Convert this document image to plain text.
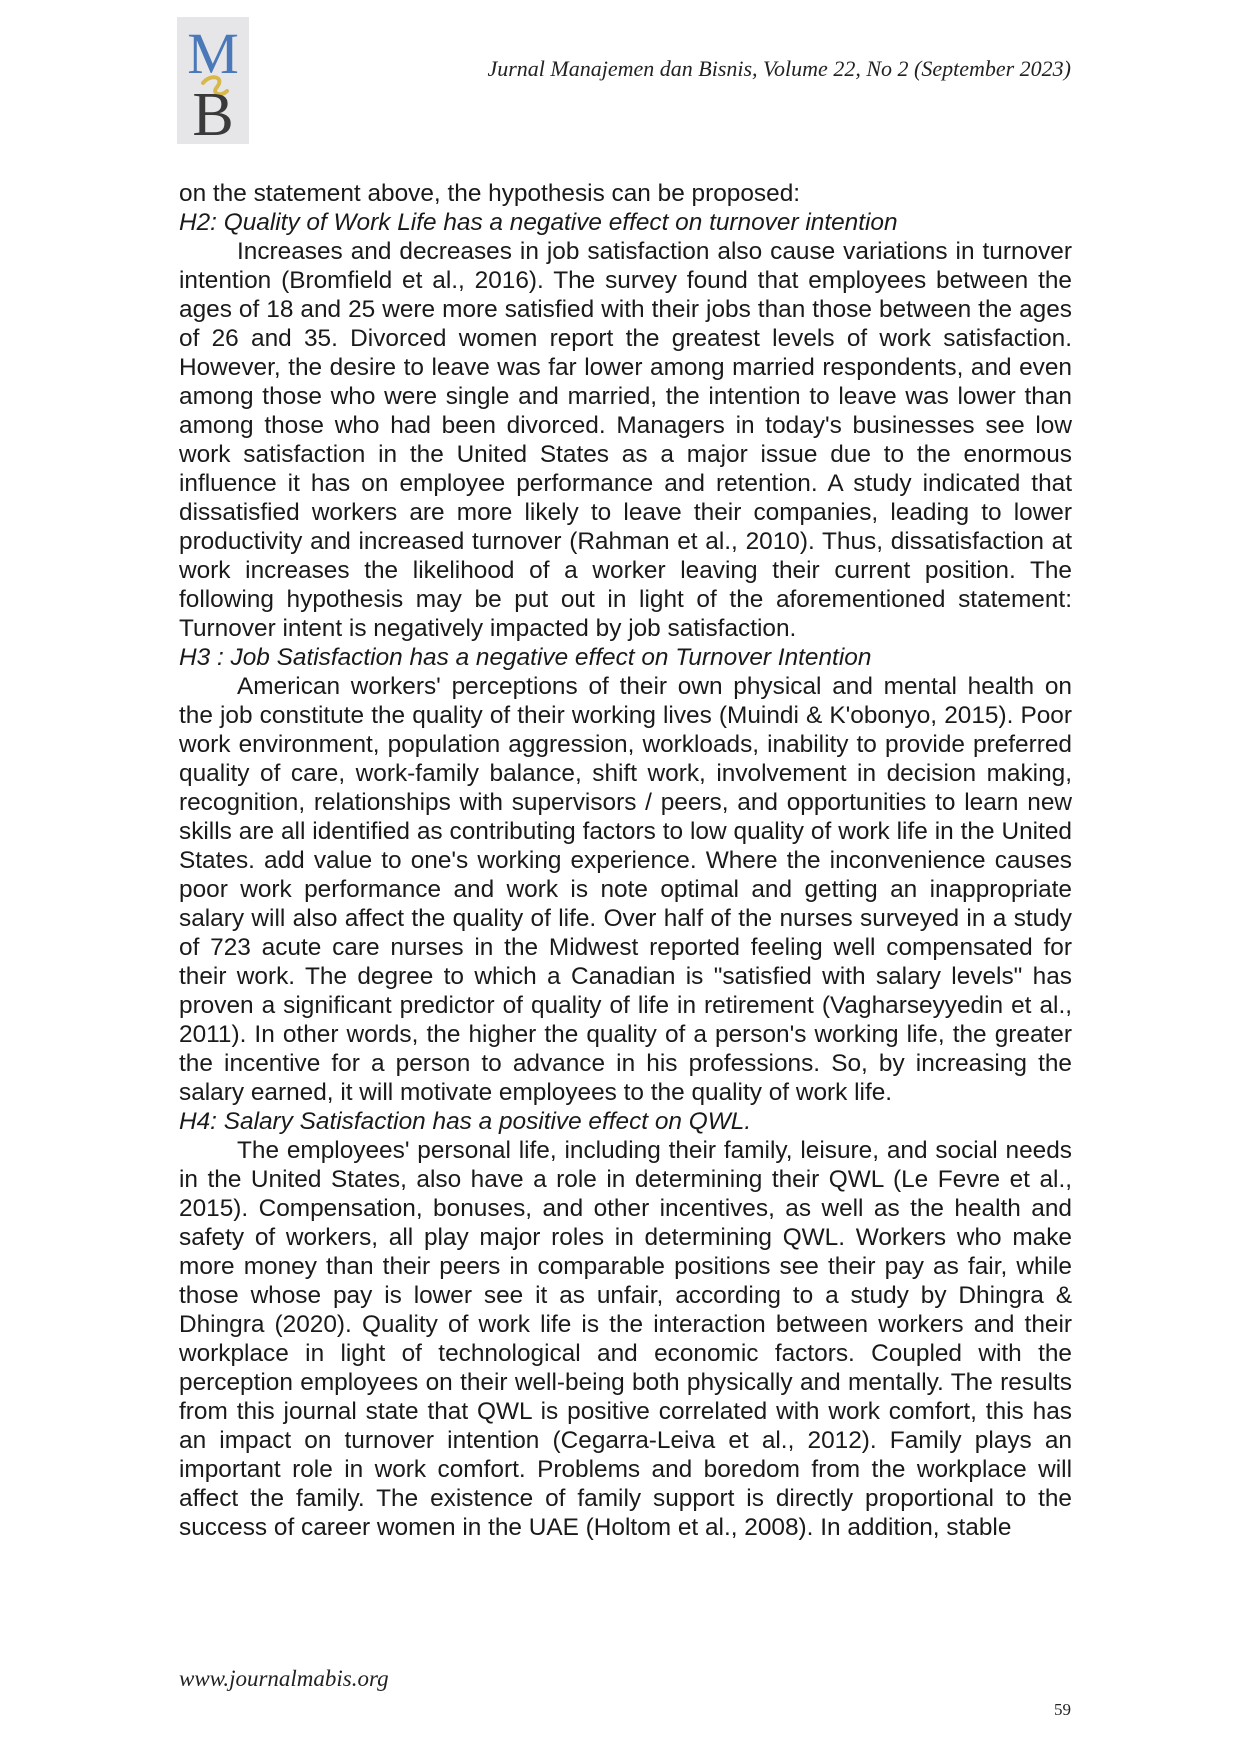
M
B
Jurnal Manajemen dan Bisnis, Volume 22, No 2 (September 2023)

on the statement above, the hypothesis can be proposed:

H2: Quality of Work Life has a negative effect on turnover intention

Increases and decreases in job satisfaction also cause variations in turnover intention (Bromfield et al., 2016). The survey found that employees between the ages of 18 and 25 were more satisfied with their jobs than those between the ages of 26 and 35. Divorced women report the greatest levels of work satisfaction. However, the desire to leave was far lower among married respondents, and even among those who were single and married, the intention to leave was lower than among those who had been divorced. Managers in today's businesses see low work satisfaction in the United States as a major issue due to the enormous influence it has on employee performance and retention. A study indicated that dissatisfied workers are more likely to leave their companies, leading to lower productivity and increased turnover (Rahman et al., 2010). Thus, dissatisfaction at work increases the likelihood of a worker leaving their current position. The following hypothesis may be put out in light of the aforementioned statement: Turnover intent is negatively impacted by job satisfaction.

H3 : Job Satisfaction has a negative effect on Turnover Intention

American workers' perceptions of their own physical and mental health on the job constitute the quality of their working lives (Muindi & K'obonyo, 2015). Poor work environment, population aggression, workloads, inability to provide preferred quality of care, work-family balance, shift work, involvement in decision making, recognition, relationships with supervisors / peers, and opportunities to learn new skills are all identified as contributing factors to low quality of work life in the United States. add value to one's working experience. Where the inconvenience causes poor work performance and work is note optimal and getting an inappropriate salary will also affect the quality of life. Over half of the nurses surveyed in a study of 723 acute care nurses in the Midwest reported feeling well compensated for their work. The degree to which a Canadian is "satisfied with salary levels" has proven a significant predictor of quality of life in retirement (Vagharseyyedin et al., 2011). In other words, the higher the quality of a person's working life, the greater the incentive for a person to advance in his professions. So, by increasing the salary earned, it will motivate employees to the quality of work life.

H4: Salary Satisfaction has a positive effect on QWL.

The employees' personal life, including their family, leisure, and social needs in the United States, also have a role in determining their QWL (Le Fevre et al., 2015). Compensation, bonuses, and other incentives, as well as the health and safety of workers, all play major roles in determining QWL. Workers who make more money than their peers in comparable positions see their pay as fair, while those whose pay is lower see it as unfair, according to a study by Dhingra & Dhingra (2020). Quality of work life is the interaction between workers and their workplace in light of technological and economic factors. Coupled with the perception employees on their well-being both physically and mentally. The results from this journal state that QWL is positive correlated with work comfort, this has an impact on turnover intention (Cegarra-Leiva et al., 2012). Family plays an important role in work comfort. Problems and boredom from the workplace will affect the family. The existence of family support is directly proportional to the success of career women in the UAE (Holtom et al., 2008). In addition, stable

www.journalmabis.org
59
